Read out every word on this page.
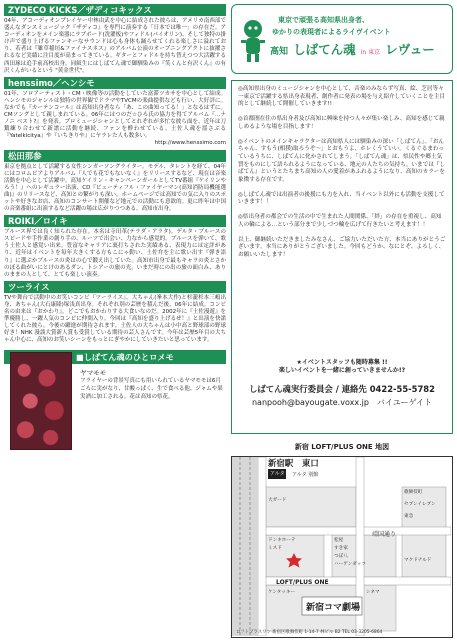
ZYDECO KICKS／ザディコキックス
04年、アコーディオンプレイヤー中林由武を中心に結成された彼らは、アメリカ南西部で盛んなダンスミュージック『ザディコ』を専門に演奏する「日本では唯一」の存在だ。アコーディオンをメイン楽器にラブボード(洗濯板)やフィドル(バイオリン)、そして独特の掛け声で盛り上げるファンキーなサウンドは心も身体も踊らせてくれる楽しさに溢れており、若者は『雑草稲垣&ファイナスネス』のアルバム公演のオープニングアクトに抜擢されるなど実績に注目度が高まってきている。ギターとフィドルを持ち替えつつ大活躍する西田琢は追手前高校出身。同級生にはしばてん魂で御馴染みの『笑くんと有沢くん』の有沢くんがいるという "黄金世代"。
henssimo／ヘンシモ
01年、ソロアーティスト・CM・映像等の活動をしていた富滞ツカサを中心として結成。ヘンシモのジャンルは独特の世界観でドラマやTVCMの楽曲提供なども行い、大好評に。なかでも『カーテンコール』は高知出身者なら「あ、この曲知ってる！」となるはずに。CMソングとして親しまれている。06年にはつのだ☆ひろ氏の協力を得てアルバム『…ナノニ ベスト?』を発表。プロミュージシャンとしてとれぞれが多忙な彼ら面を、近年は刀鍛練り合わせて新譜に活動を継続、ファンを酔わせている。土佐人魂を揺さぶる『Yatelkicitya』や『いちきりや』にヤラレた人も数多い。
http://www.henssimo.com
松田那参
東京を拠点として活躍する女性シンガーソングライター。モデル、タレントを経て、04年にはコロムビアよりアルバム『人でも花でもないなく』をリリースするなど、現在は音楽活動を中心として活躍中。高知ケイリン・キャンペーンガールとしてTV番組『ケイリンやろう！』へのレギュラー出演、CD『ビューティフル・ファイヤーマン(高知消防局機能選曲)』のリリースなど、高知との繋がりも深い。ホームページでは高知での気に入りのスポットや好きなお店、高知のコンサート開催など地元での活動にも意欲的。更に昨年は中国の音楽番組に出演するなど活躍の場は広がりつつある。高知市出身。
ROIKI／ロイキ
ブルース界では良く知られた存在。本名は寺田革(テラダ・アラタ)。デルタ・ブルースのスピードや手作業の創り手の、ルーツで出会い、力なから感覚的。ブルースを弾いて、歌う土佐人と感覚い出来。豊富なキャリアに裏打ちされた実績ある、表現力には定評があり、近年はイベントを毎年大きくする方もこにゃ動い、土佐弁を主に歌い出す『弾き語り』に選ぶかブルースの炎はの心で鍛え出していた。高知市出身で最もキャラの炎とさかのぼる曲がいにとけのあるダン、トシアーの旅の光。いまだ時にの出の旅の面白み、ありのままの人として、とても楽しい演奏。
ツーライス
TVや舞台で活動中のお笑いコンビ『ツーライス』。大ちゃん(峯本大作)と杉瀧杉本三嶋出身、あちゃん(大石康隆)塚浅真出身。それぞれ別の芸歴を積んだ後、06年に結成。コンビ名の由来は『おかわり』。どこでもおかわりする大食いなのだ。2002年に『土佐漫遊』を準優勝し、一躍人気のコンビに仲間入り。今回は『高知を盛り上げるぜ！』と出演を快諾してくれた彼ら。今後の躍進が期待されます。土佐人の大ちゃんは小中高と野球部の野球好き！NHK 漫談大賞新人賞も受賞している期待の芸人さんです。今年は芸歴5年目の大ちゃん中心に、高知のお笑いシーンをもっとにぎやかにしていきたいと思っています。
■しばてん魂のひとロメモ
ヤマモモ
フライヤーの背景写真にも用いられているヤマモモは6月ごろに実がなり、甘酸っぱく、生で食べる他、ジャムや果実酒に加工される。花は高知の県花。
東京で頑張る高知県出身者、
ゆかりの表現者によるライヴイベント
高知 しばてん魂 in 東京 レヴュー
◎高知県出身のミュージシャンを中心として、音楽のみならず写真、絵、芝居等々一東京で活躍する県出身表現者、創作者に発表の場を与え紹介していくことを主目的として継続して開催していきます!!
◎首都圏在住の県出身者及び高知に興味を持つ人々が集い楽しみ、高知を感じて親しめるような場を目指します！
◎イベントのメインキャラクターは高知県人には馴染みの深い「しばてん」。「おんちゃん、すもう(相撲)取ろうぞ～」とおもうよ、ホレくうていい。くるぐるまわっているうちに、しばてんに化かされてしまう。「しばてん魂」は、県民性や郷土気質をものにして語られるようになっている、地元の人たちの気持ち。いまでは『しばてん』というとたちまち高知の人の愛着があふれるようになり、高知のカラーを象徴する存在です。
◎しばてん魂では出演者の後援にも力を入れ、当イベント以外にも活動を支援していきます！！
◎県出身者の都会での生活の中で生まれた人間関係、「絆」の存在を重視し、高知人の輪による…という部分まで少しづつ輪を広げて行きたいと考えます！！
以上、御継続いただきましたみなさん、ご協力いただいた方、本当にありがとうございます。本当にありがとうございました。今回もどうか、なにとぞ、よろしく、お願いいたします！
★イベントスタッフも随時募集 !!
楽しいイベントを一緒に創っていきませんか!?
しばてん魂実行委員会 / 連絡先 0422-55-5782
nanpooh@bayougate.voxx.jp　バイユーゲイト
新宿 LOFT/PLUS ONE 地図
新宿駅 東口
アルタ アルタ 別館
靖国通り
LOFT/PLUS ONE
新宿コマ劇場
ドンキホーテ
ミスド
松屋
すき家
つぼ八
ハーゲンダッツ
歌舞伎町
セブンイレブン
マクドナルド
東急
ケンタッキー	シネマ
大ガード
ロフトプラスワン 新宿区歌舞伎町 1-14-7 林ビル B2 TEL 03-3205-6864
